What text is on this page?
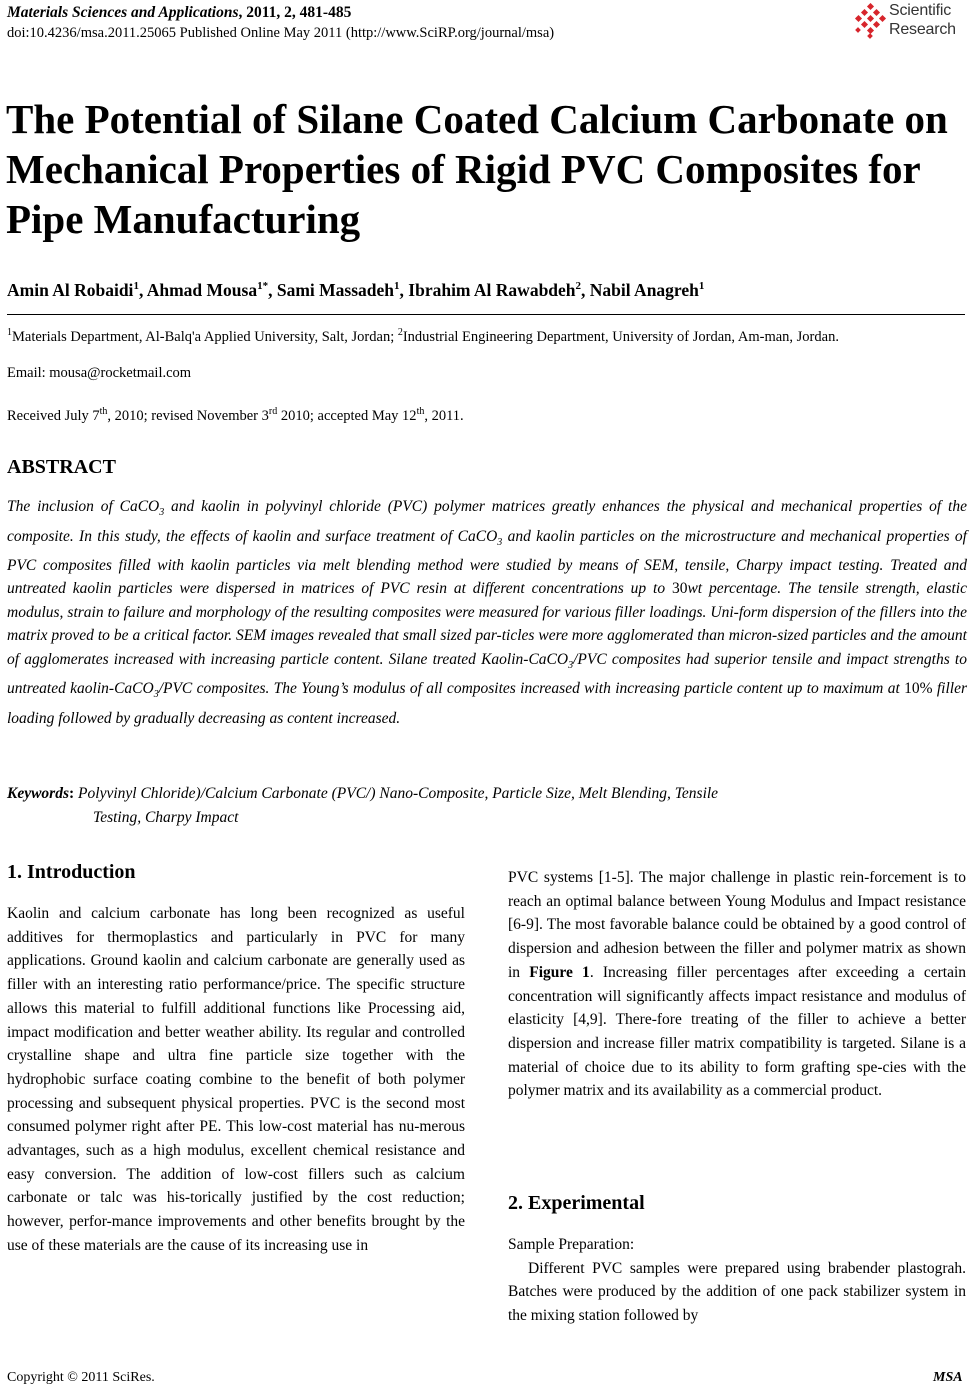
Materials Sciences and Applications, 2011, 2, 481-485
doi:10.4236/msa.2011.25065 Published Online May 2011 (http://www.SciRP.org/journal/msa)
Scientific
Research
The Potential of Silane Coated Calcium Carbonate on Mechanical Properties of Rigid PVC Composites for Pipe Manufacturing
Amin Al Robaidi$^1$, Ahmad Mousa$^{1*}$, Sami Massadeh$^1$, Ibrahim Al Rawabdeh$^2$, Nabil Anagreh$^1$
$^1$Materials Department, Al-Balq'a Applied University, Salt, Jordan; $^2$Industrial Engineering Department, University of Jordan, Am-man, Jordan.
Email: mousa@rocketmail.com
Received July 7th, 2010; revised November 3rd 2010; accepted May 12th, 2011.
ABSTRACT
The inclusion of CaCO$_3$ and kaolin in polyvinyl chloride (PVC) polymer matrices greatly enhances the physical and mechanical properties of the composite. In this study, the effects of kaolin and surface treatment of CaCO$_3$ and kaolin particles on the microstructure and mechanical properties of PVC composites filled with kaolin particles via melt blending method were studied by means of SEM, tensile, Charpy impact testing. Treated and untreated kaolin particles were dispersed in matrices of PVC resin at different concentrations up to 30wt percentage. The tensile strength, elastic modulus, strain to failure and morphology of the resulting composites were measured for various filler loadings. Uni-form dispersion of the fillers into the matrix proved to be a critical factor. SEM images revealed that small sized par-ticles were more agglomerated than micron-sized particles and the amount of agglomerates increased with increasing particle content. Silane treated Kaolin-CaCO$_3$/PVC composites had superior tensile and impact strengths to untreated kaolin-CaCO$_3$/PVC composites. The Young’s modulus of all composites increased with increasing particle content up to maximum at 10% filler loading followed by gradually decreasing as content increased.
Keywords: Polyvinyl Chloride)/Calcium Carbonate (PVC/) Nano-Composite, Particle Size, Melt Blending, Tensile
Testing, Charpy Impact
1. Introduction
Kaolin and calcium carbonate has long been recognized as useful additives for thermoplastics and particularly in PVC for many applications. Ground kaolin and calcium carbonate are generally used as filler with an interesting ratio performance/price. The specific structure allows this material to fulfill additional functions like Processing aid, impact modification and better weather ability. Its regular and controlled crystalline shape and ultra fine particle size together with the hydrophobic surface coating combine to the benefit of both polymer processing and subsequent physical properties. PVC is the second most consumed polymer right after PE. This low-cost material has nu-merous advantages, such as a high modulus, excellent chemical resistance and easy conversion. The addition of low-cost fillers such as calcium carbonate or talc was his-torically justified by the cost reduction; however, perfor-mance improvements and other benefits brought by the use of these materials are the cause of its increasing use in
PVC systems [1-5]. The major challenge in plastic rein-forcement is to reach an optimal balance between Young Modulus and Impact resistance [6-9]. The most favorable balance could be obtained by a good control of dispersion and adhesion between the filler and polymer matrix as shown in Figure 1. Increasing filler percentages after exceeding a certain concentration will significantly affects impact resistance and modulus of elasticity [4,9]. There-fore treating of the filler to achieve a better dispersion and increase filler matrix compatibility is targeted. Silane is a material of choice due to its ability to form grafting spe-cies with the polymer matrix and its availability as a commercial product.
2. Experimental
Sample Preparation:
Different PVC samples were prepared using brabender plastograh. Batches were produced by the addition of one pack stabilizer system in the mixing station followed by
Copyright © 2011 SciRes.	MSA
